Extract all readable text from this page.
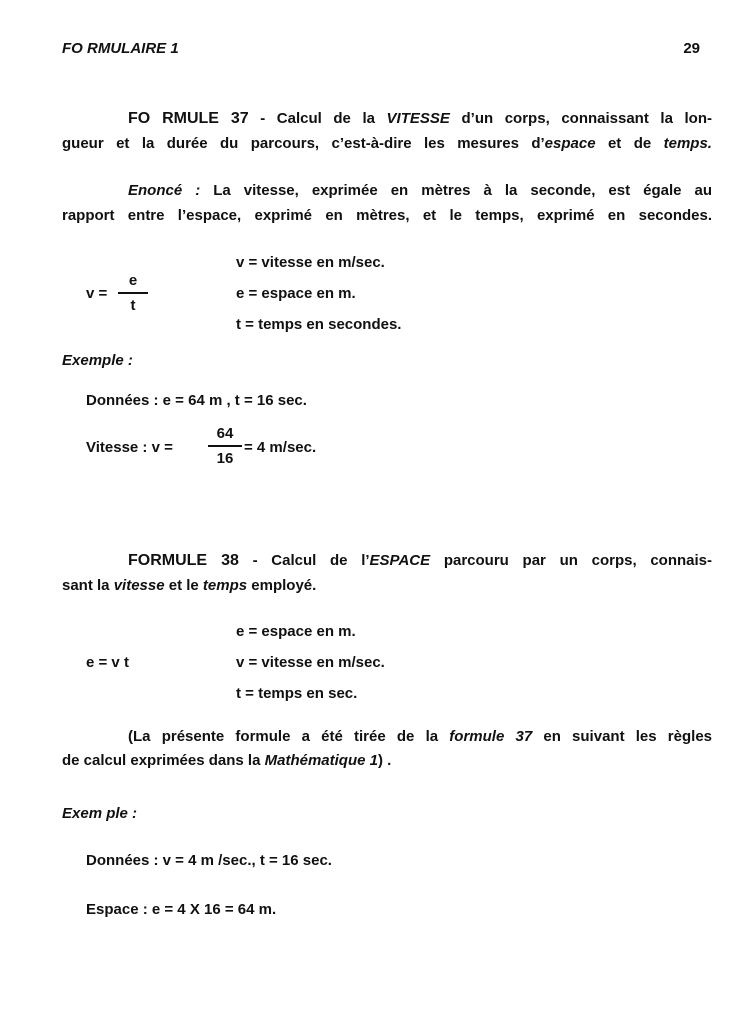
FO RMULAIRE 1	29
FO RMULE 37 - Calcul de la VITESSE d’un corps, connaissant la lon-
gueur et la durée du parcours, c’est-à-dire les mesures d’espace et de temps.
Enoncé : La vitesse, exprimée en mètres à la seconde, est égale au
rapport entre l’espace, exprimé en mètres, et le temps, exprimé en secondes.
v =
e
t
v = vitesse en m/sec.
e = espace en m.
t = temps en secondes.
Exemple :
Données : e = 64 m , t = 16 sec.
Vitesse : v =
64
16
= 4 m/sec.
FORMULE 38 - Calcul de l’ESPACE parcouru par un corps, connais-
sant la vitesse et le temps employé.
e = v t
e = espace en m.
v = vitesse en m/sec.
t = temps en sec.
(La présente formule a été tirée de la formule 37 en suivant les règles
de calcul exprimées dans la Mathématique 1) .
Exem ple :
Données : v = 4 m /sec., t = 16 sec.
Espace : e = 4 X 16 = 64 m.
